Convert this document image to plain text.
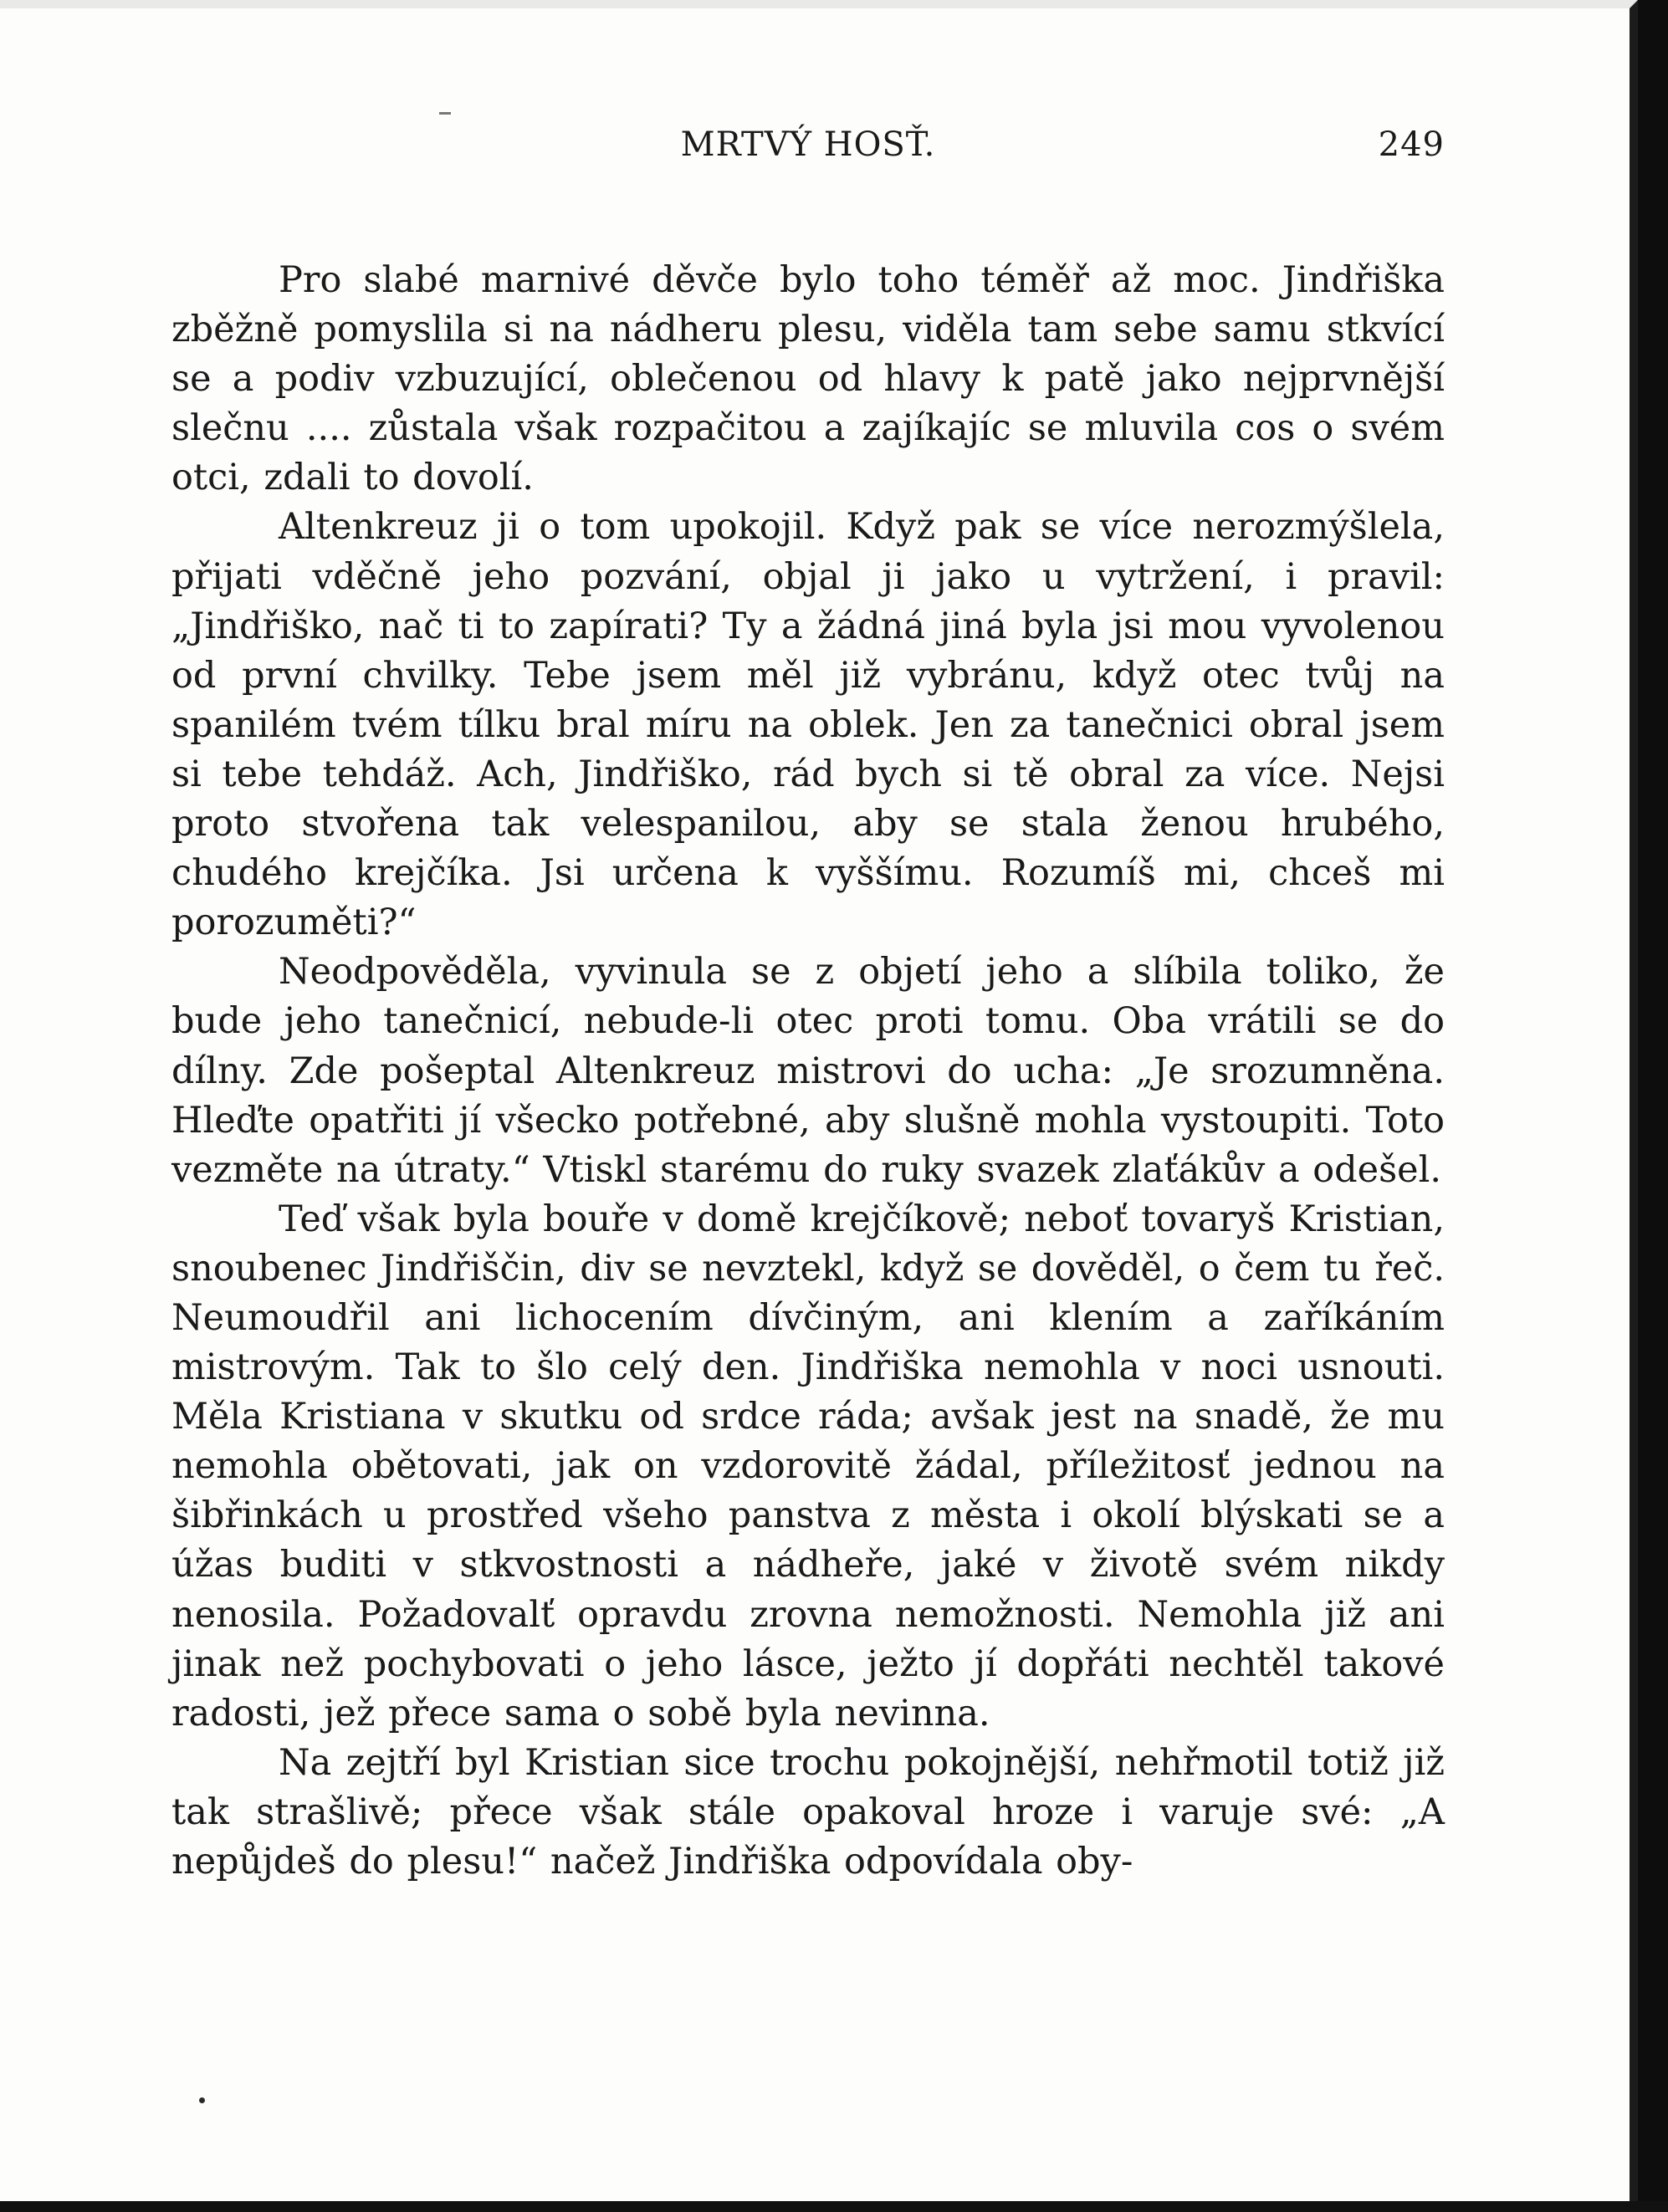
MRTVÝ HOSŤ.	249

Pro slabé marnivé děvče bylo toho téměř až moc. Jindřiška zběžně pomyslila si na nádheru plesu, viděla tam sebe samu stkvící se a podiv vzbuzující, oblečenou od hlavy k patě jako nejprvnější slečnu .... zůstala však rozpačitou a zajíkajíc se mluvila cos o svém otci, zdali to dovolí.

Altenkreuz ji o tom upokojil. Když pak se více nerozmýšlela, přijati vděčně jeho pozvání, objal ji jako u vytržení, i pravil: „Jindřiško, nač ti to zapírati? Ty a žádná jiná byla jsi mou vyvolenou od první chvilky. Tebe jsem měl již vybránu, když otec tvůj na spanilém tvém tílku bral míru na oblek. Jen za tanečnici obral jsem si tebe tehdáž. Ach, Jindřiško, rád bych si tě obral za více. Nejsi proto stvořena tak velespanilou, aby se stala ženou hrubého, chudého krejčíka. Jsi určena k vyššímu. Rozumíš mi, chceš mi porozuměti?“

Neodpověděla, vyvinula se z objetí jeho a slíbila toliko, že bude jeho tanečnicí, nebude-li otec proti tomu. Oba vrátili se do dílny. Zde pošeptal Altenkreuz mistrovi do ucha: „Je srozumněna. Hleďte opatřiti jí všecko potřebné, aby slušně mohla vystoupiti. Toto vezměte na útraty.“ Vtiskl starému do ruky svazek zlaťákův a odešel.

Teď však byla bouře v domě krejčíkově; neboť tovaryš Kristian, snoubenec Jindřiščin, div se nevztekl, když se dověděl, o čem tu řeč. Neumoudřil ani lichocením dívčiným, ani klením a zaříkáním mistrovým. Tak to šlo celý den. Jindřiška nemohla v noci usnouti. Měla Kristiana v skutku od srdce ráda; avšak jest na snadě, že mu nemohla obětovati, jak on vzdorovitě žádal, příležitosť jednou na šibřinkách u prostřed všeho panstva z města i okolí blýskati se a úžas buditi v stkvostnosti a nádheře, jaké v životě svém nikdy nenosila. Požadovalť opravdu zrovna nemožnosti. Nemohla již ani jinak než pochybovati o jeho lásce, ježto jí dopřáti nechtěl takové radosti, jež přece sama o sobě byla nevinna.

Na zejtří byl Kristian sice trochu pokojnější, nehřmotil totiž již tak strašlivě; přece však stále opakoval hroze i varuje své: „A nepůjdeš do plesu!“ načež Jindřiška odpovídala oby-
